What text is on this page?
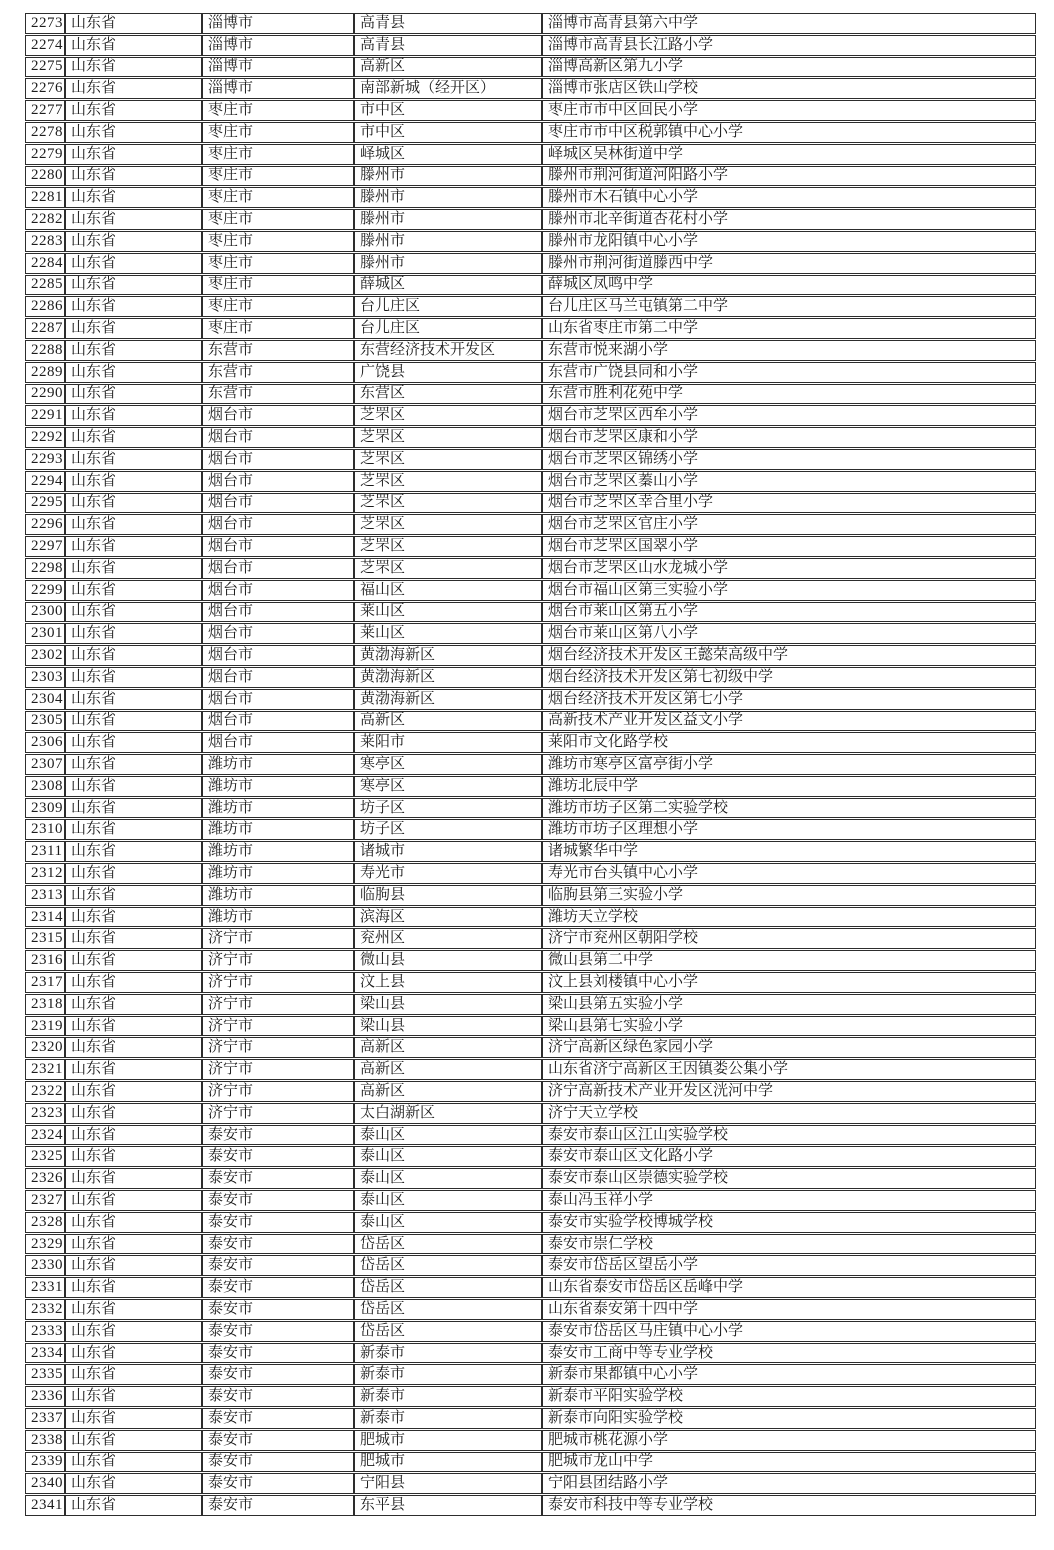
2273	山东省	淄博市	高青县	淄博市高青县第六中学
2274	山东省	淄博市	高青县	淄博市高青县长江路小学
2275	山东省	淄博市	高新区	淄博高新区第九小学
2276	山东省	淄博市	南部新城（经开区）	淄博市张店区铁山学校
2277	山东省	枣庄市	市中区	枣庄市市中区回民小学
2278	山东省	枣庄市	市中区	枣庄市市中区税郭镇中心小学
2279	山东省	枣庄市	峄城区	峄城区吴林街道中学
2280	山东省	枣庄市	滕州市	滕州市荆河街道河阳路小学
2281	山东省	枣庄市	滕州市	滕州市木石镇中心小学
2282	山东省	枣庄市	滕州市	滕州市北辛街道杏花村小学
2283	山东省	枣庄市	滕州市	滕州市龙阳镇中心小学
2284	山东省	枣庄市	滕州市	滕州市荆河街道滕西中学
2285	山东省	枣庄市	薛城区	薛城区凤鸣中学
2286	山东省	枣庄市	台儿庄区	台儿庄区马兰屯镇第二中学
2287	山东省	枣庄市	台儿庄区	山东省枣庄市第二中学
2288	山东省	东营市	东营经济技术开发区	东营市悦来湖小学
2289	山东省	东营市	广饶县	东营市广饶县同和小学
2290	山东省	东营市	东营区	东营市胜利花苑中学
2291	山东省	烟台市	芝罘区	烟台市芝罘区西牟小学
2292	山东省	烟台市	芝罘区	烟台市芝罘区康和小学
2293	山东省	烟台市	芝罘区	烟台市芝罘区锦绣小学
2294	山东省	烟台市	芝罘区	烟台市芝罘区蓁山小学
2295	山东省	烟台市	芝罘区	烟台市芝罘区幸合里小学
2296	山东省	烟台市	芝罘区	烟台市芝罘区官庄小学
2297	山东省	烟台市	芝罘区	烟台市芝罘区国翠小学
2298	山东省	烟台市	芝罘区	烟台市芝罘区山水龙城小学
2299	山东省	烟台市	福山区	烟台市福山区第三实验小学
2300	山东省	烟台市	莱山区	烟台市莱山区第五小学
2301	山东省	烟台市	莱山区	烟台市莱山区第八小学
2302	山东省	烟台市	黄渤海新区	烟台经济技术开发区王懿荣高级中学
2303	山东省	烟台市	黄渤海新区	烟台经济技术开发区第七初级中学
2304	山东省	烟台市	黄渤海新区	烟台经济技术开发区第七小学
2305	山东省	烟台市	高新区	高新技术产业开发区益文小学
2306	山东省	烟台市	莱阳市	莱阳市文化路学校
2307	山东省	潍坊市	寒亭区	潍坊市寒亭区富亭街小学
2308	山东省	潍坊市	寒亭区	潍坊北辰中学
2309	山东省	潍坊市	坊子区	潍坊市坊子区第二实验学校
2310	山东省	潍坊市	坊子区	潍坊市坊子区理想小学
2311	山东省	潍坊市	诸城市	诸城繁华中学
2312	山东省	潍坊市	寿光市	寿光市台头镇中心小学
2313	山东省	潍坊市	临朐县	临朐县第三实验小学
2314	山东省	潍坊市	滨海区	潍坊天立学校
2315	山东省	济宁市	兖州区	济宁市兖州区朝阳学校
2316	山东省	济宁市	微山县	微山县第二中学
2317	山东省	济宁市	汶上县	汶上县刘楼镇中心小学
2318	山东省	济宁市	梁山县	梁山县第五实验小学
2319	山东省	济宁市	梁山县	梁山县第七实验小学
2320	山东省	济宁市	高新区	济宁高新区绿色家园小学
2321	山东省	济宁市	高新区	山东省济宁高新区王因镇娄公集小学
2322	山东省	济宁市	高新区	济宁高新技术产业开发区洸河中学
2323	山东省	济宁市	太白湖新区	济宁天立学校
2324	山东省	泰安市	泰山区	泰安市泰山区江山实验学校
2325	山东省	泰安市	泰山区	泰安市泰山区文化路小学
2326	山东省	泰安市	泰山区	泰安市泰山区崇德实验学校
2327	山东省	泰安市	泰山区	泰山冯玉祥小学
2328	山东省	泰安市	泰山区	泰安市实验学校博城学校
2329	山东省	泰安市	岱岳区	泰安市崇仁学校
2330	山东省	泰安市	岱岳区	泰安市岱岳区望岳小学
2331	山东省	泰安市	岱岳区	山东省泰安市岱岳区岳峰中学
2332	山东省	泰安市	岱岳区	山东省泰安第十四中学
2333	山东省	泰安市	岱岳区	泰安市岱岳区马庄镇中心小学
2334	山东省	泰安市	新泰市	泰安市工商中等专业学校
2335	山东省	泰安市	新泰市	新泰市果都镇中心小学
2336	山东省	泰安市	新泰市	新泰市平阳实验学校
2337	山东省	泰安市	新泰市	新泰市向阳实验学校
2338	山东省	泰安市	肥城市	肥城市桃花源小学
2339	山东省	泰安市	肥城市	肥城市龙山中学
2340	山东省	泰安市	宁阳县	宁阳县团结路小学
2341	山东省	泰安市	东平县	泰安市科技中等专业学校
